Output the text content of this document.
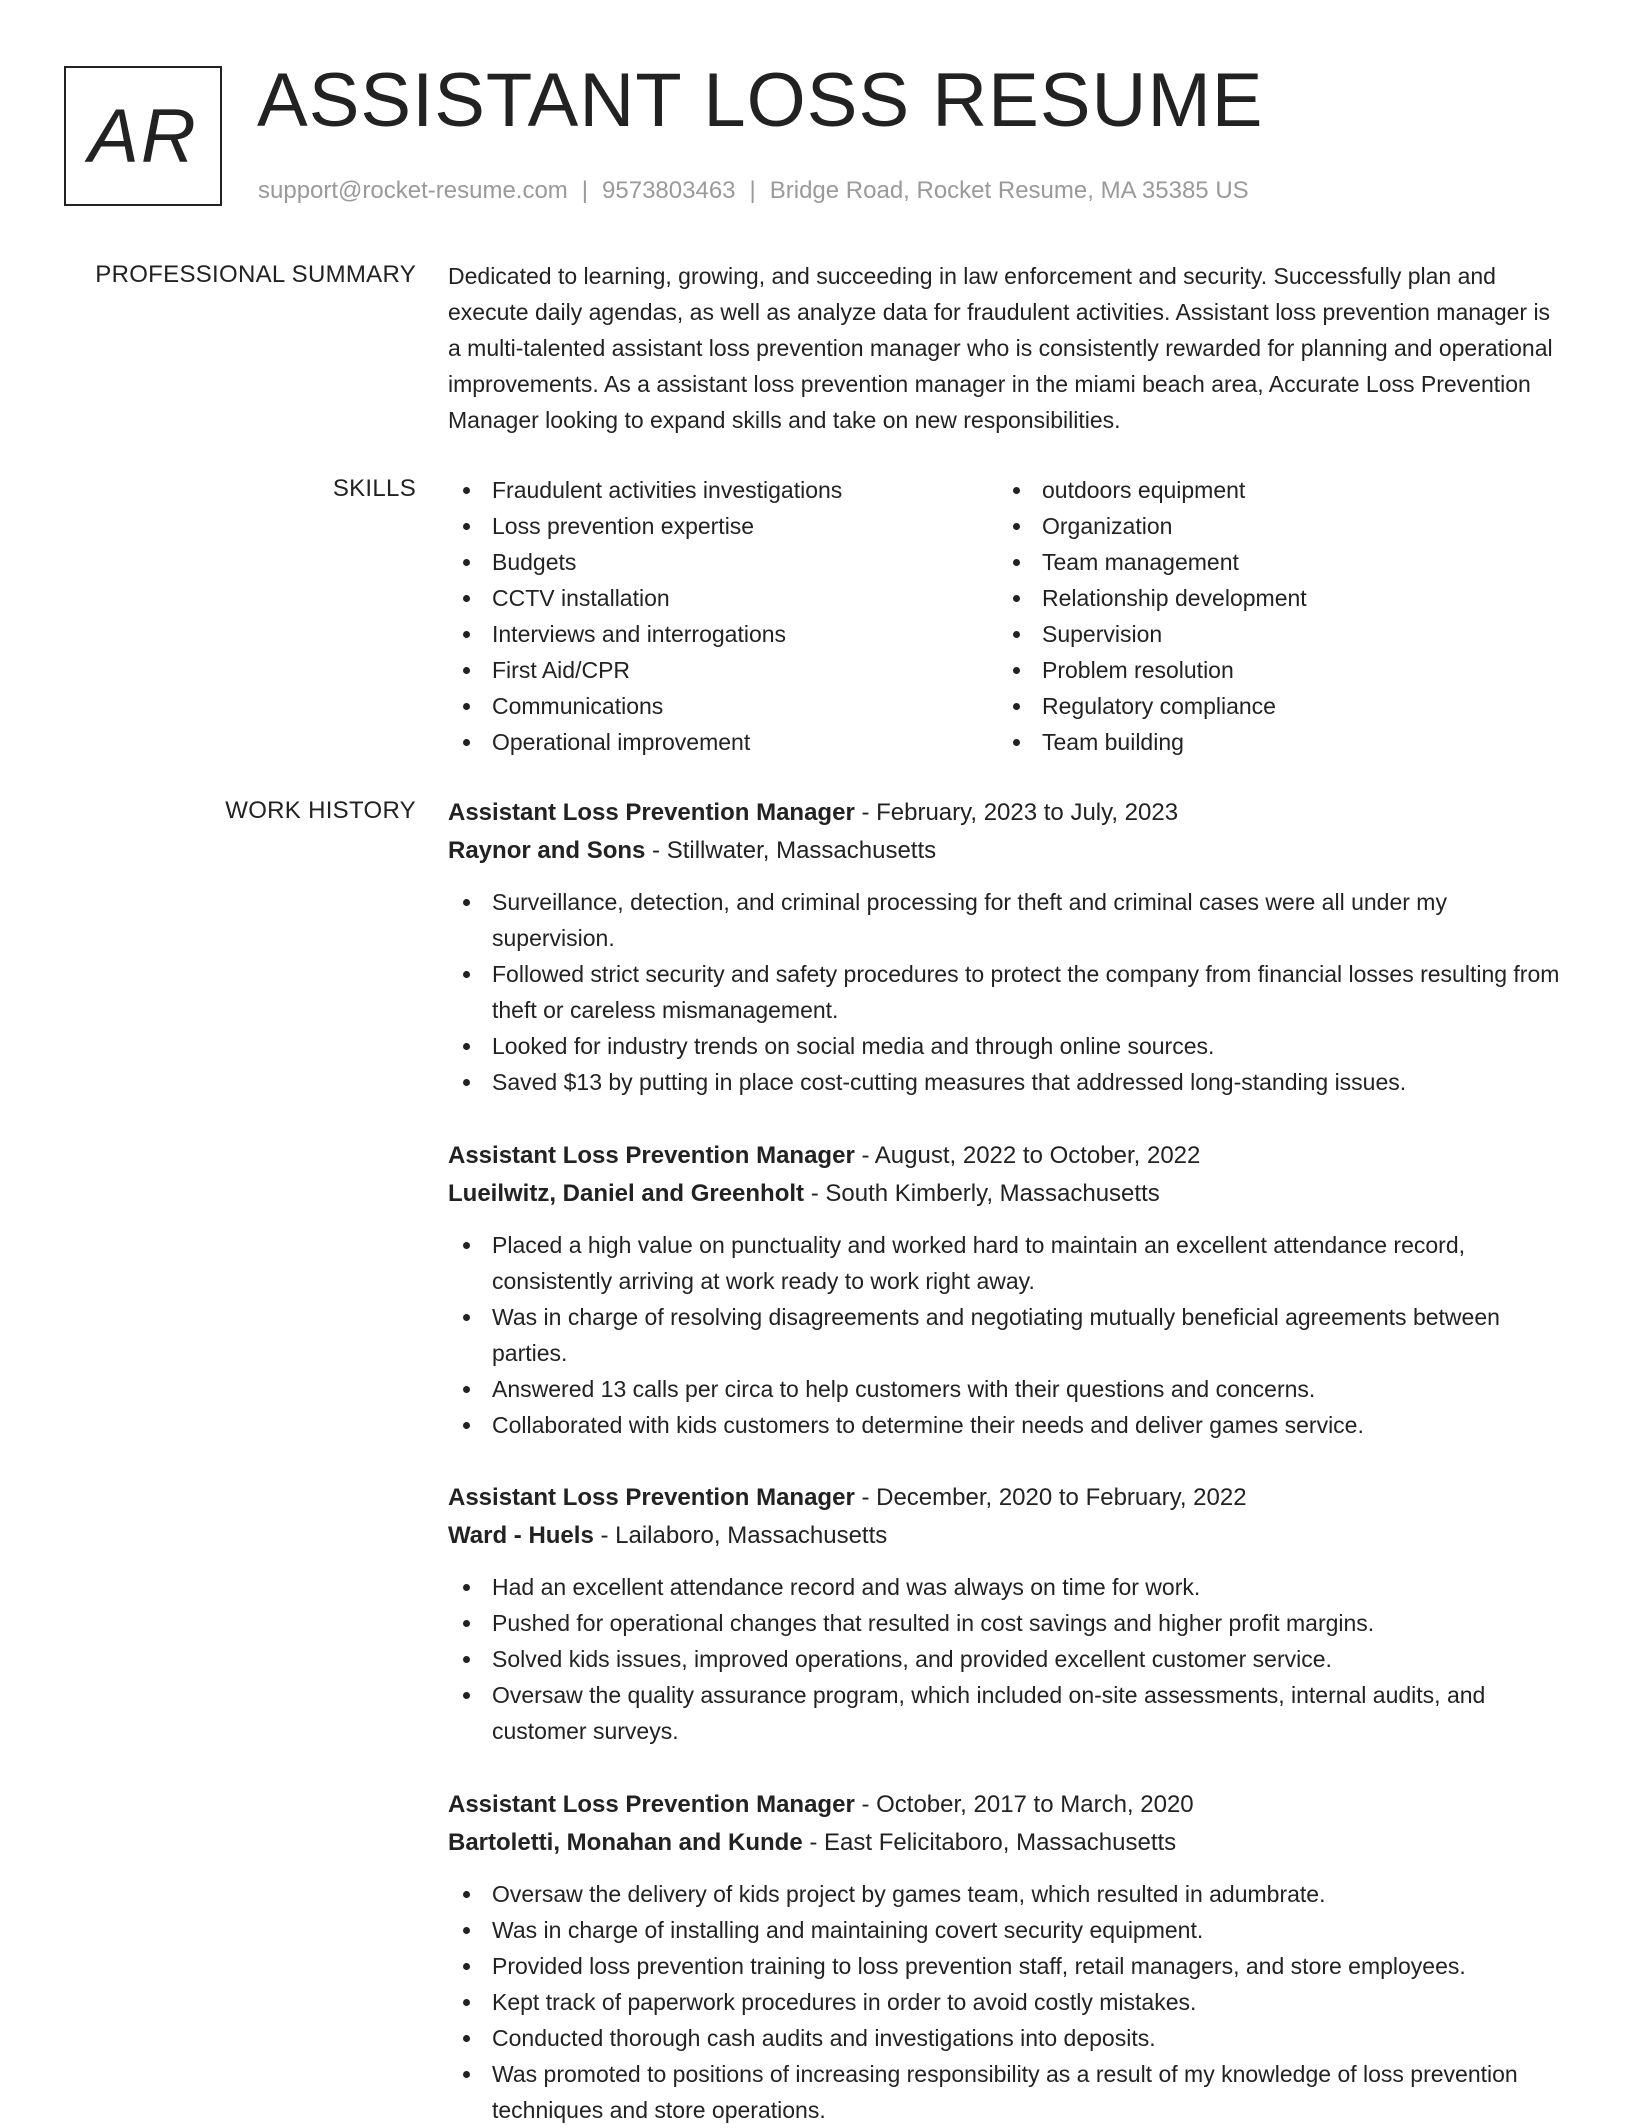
AR ASSISTANT LOSS RESUME
support@rocket-resume.com | 9573803463 | Bridge Road, Rocket Resume, MA 35385 US
PROFESSIONAL SUMMARY Dedicated to learning, growing, and succeeding in law enforcement and security. Successfully plan and execute daily agendas, as well as analyze data for fraudulent activities. Assistant loss prevention manager is a multi-talented assistant loss prevention manager who is consistently rewarded for planning and operational improvements. As a assistant loss prevention manager in the miami beach area, Accurate Loss Prevention Manager looking to expand skills and take on new responsibilities.

SKILLS	Fraudulent activities investigations
Loss prevention expertise
Budgets
CCTV installation
Interviews and interrogations
First Aid/CPR
Communications
Operational improvement
outdoors equipment
Organization
Team management
Relationship development
Supervision
Problem resolution
Regulatory compliance
Team building
WORK HISTORY Assistant Loss Prevention Manager - February, 2023 to July, 2023
Raynor and Sons - Stillwater, Massachusetts
Surveillance, detection, and criminal processing for theft and criminal cases were all under my supervision.
Followed strict security and safety procedures to protect the company from financial losses resulting from theft or careless mismanagement.
Looked for industry trends on social media and through online sources.
Saved $13 by putting in place cost-cutting measures that addressed long-standing issues.
Assistant Loss Prevention Manager - August, 2022 to October, 2022
Lueilwitz, Daniel and Greenholt - South Kimberly, Massachusetts
Placed a high value on punctuality and worked hard to maintain an excellent attendance record, consistently arriving at work ready to work right away.
Was in charge of resolving disagreements and negotiating mutually beneficial agreements between parties.
Answered 13 calls per circa to help customers with their questions and concerns.
Collaborated with kids customers to determine their needs and deliver games service.
Assistant Loss Prevention Manager - December, 2020 to February, 2022
Ward - Huels - Lailaboro, Massachusetts
Had an excellent attendance record and was always on time for work.
Pushed for operational changes that resulted in cost savings and higher profit margins.
Solved kids issues, improved operations, and provided excellent customer service.
Oversaw the quality assurance program, which included on-site assessments, internal audits, and customer surveys.
Assistant Loss Prevention Manager - October, 2017 to March, 2020
Bartoletti, Monahan and Kunde - East Felicitaboro, Massachusetts
Oversaw the delivery of kids project by games team, which resulted in adumbrate.
Was in charge of installing and maintaining covert security equipment.
Provided loss prevention training to loss prevention staff, retail managers, and store employees.
Kept track of paperwork procedures in order to avoid costly mistakes.
Conducted thorough cash audits and investigations into deposits.
Was promoted to positions of increasing responsibility as a result of my knowledge of loss prevention techniques and store operations.
